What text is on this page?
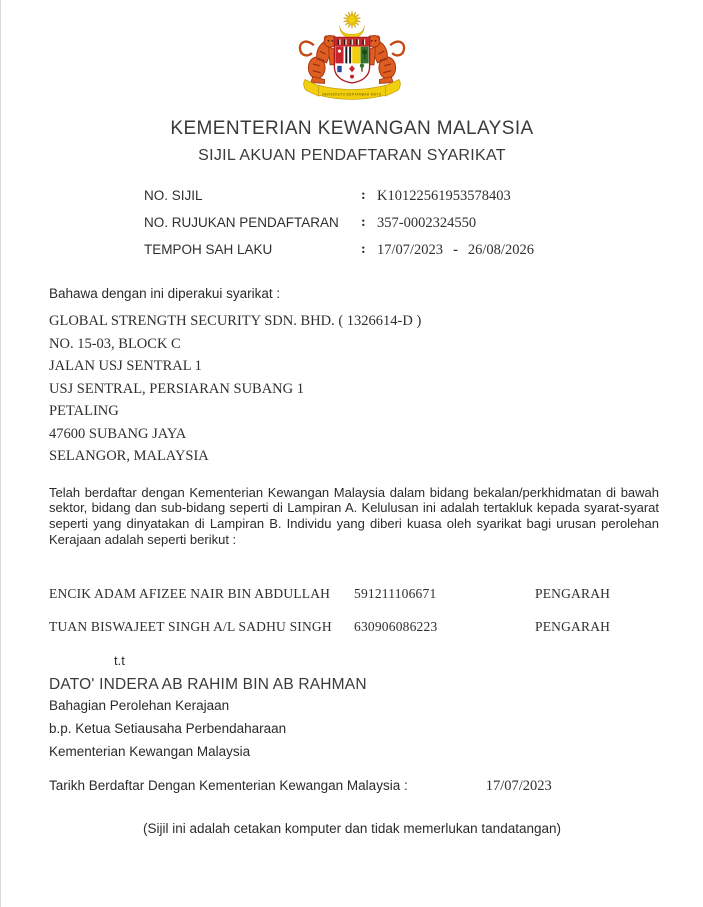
BERSEKUTU BERTAMBAH MUTU
KEMENTERIAN KEWANGAN MALAYSIA
SIJIL AKUAN PENDAFTARAN SYARIKAT
NO. SIJIL	: K10122561953578403
NO. RUJUKAN PENDAFTARAN	: 357-0002324550
TEMPOH SAH LAKU	: 17/07/2023 - 26/08/2026
Bahawa dengan ini diperakui syarikat :
GLOBAL STRENGTH SECURITY SDN. BHD. ( 1326614-D )
NO. 15-03, BLOCK C
JALAN USJ SENTRAL 1
USJ SENTRAL, PERSIARAN SUBANG 1
PETALING
47600 SUBANG JAYA
SELANGOR, MALAYSIA
Telah berdaftar dengan Kementerian Kewangan Malaysia dalam bidang bekalan/perkhidmatan di bawah sektor, bidang dan sub-bidang seperti di Lampiran A. Kelulusan ini adalah tertakluk kepada syarat-syarat seperti yang dinyatakan di Lampiran B. Individu yang diberi kuasa oleh syarikat bagi urusan perolehan Kerajaan adalah seperti berikut :
ENCIK ADAM AFIZEE NAIR BIN ABDULLAH	591211106671	PENGARAH
TUAN BISWAJEET SINGH A/L SADHU SINGH	630906086223	PENGARAH
t.t
DATO' INDERA AB RAHIM BIN AB RAHMAN
Bahagian Perolehan Kerajaan
b.p. Ketua Setiausaha Perbendaharaan
Kementerian Kewangan Malaysia
Tarikh Berdaftar Dengan Kementerian Kewangan Malaysia :	17/07/2023
(Sijil ini adalah cetakan komputer dan tidak memerlukan tandatangan)
